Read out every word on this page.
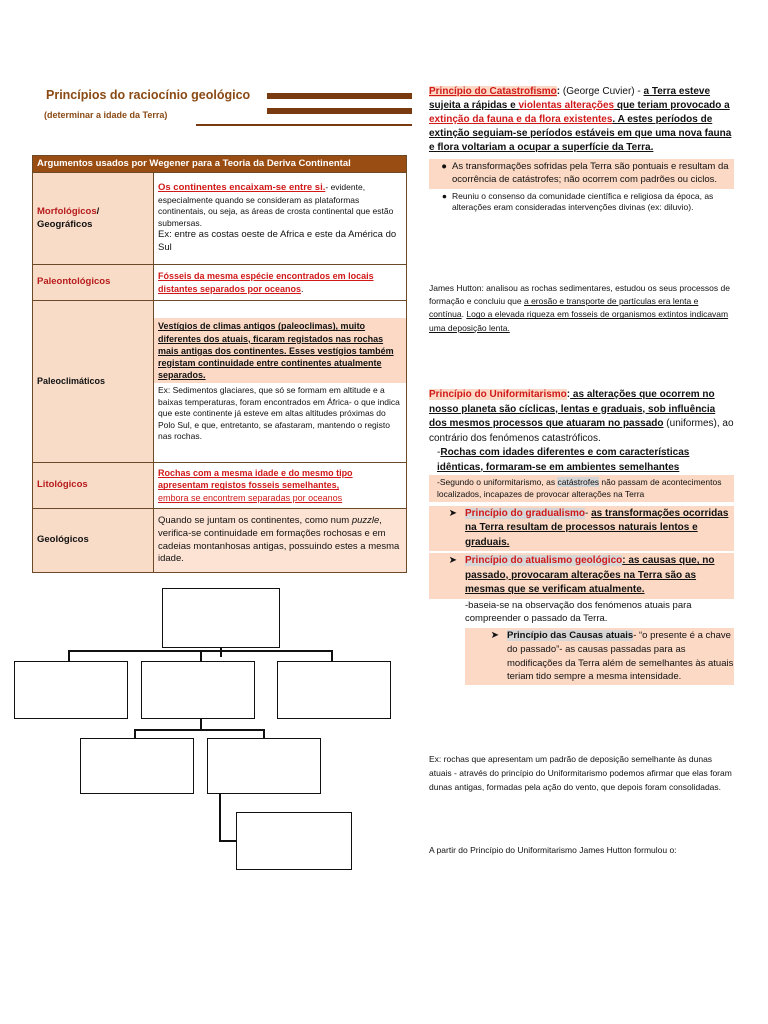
Princípios do raciocínio geológico
(determinar a idade da Terra)
Argumentos usados por Wegener para a Teoria da Deriva Continental	
Morfológicos/
Geográficos	Os continentes encaixam-se entre si.- evidente, especialmente quando se consideram as plataformas continentais, ou seja, as áreas de crosta continental que estão submersas.
Ex: entre as costas oeste de Africa e este da América do Sul
Paleontológicos	Fósseis da mesma espécie encontrados em locais distantes separados por oceanos.
Paleoclimáticos	Vestígios de climas antigos (paleoclimas), muito diferentes dos atuais, ficaram registados nas rochas mais antigas dos continentes. Esses vestígios também registam continuidade entre continentes atualmente separados.
Ex: Sedimentos glaciares, que só se formam em altitude e a baixas temperaturas, foram encontrados em África- o que indica que este continente já esteve em altas altitudes próximas do Polo Sul, e que, entretanto, se afastaram, mantendo o registo nas rochas.

Litológicos	Rochas com a mesma idade e do mesmo tipo apresentam registos fosseis semelhantes,
embora se encontrem separadas por oceanos
Geológicos	Quando se juntam os continentes, como num puzzle, verifica-se continuidade em formações rochosas e em cadeias montanhosas antigas, possuindo estes a mesma idade.

Princípio do Catastrofismo: (George Cuvier) - a Terra esteve sujeita a rápidas e violentas alterações que teriam provocado a extinção da fauna e da flora existentes. A estes períodos de extinção seguiam-se períodos estáveis em que uma nova fauna e flora voltariam a ocupar a superfície da Terra.

● As transformações sofridas pela Terra são pontuais e resultam da ocorrência de catástrofes; não ocorrem com padrões ou ciclos.
● Reuniu o consenso da comunidade científica e religiosa da época, as alterações eram consideradas intervenções divinas (ex: diluvio).
James Hutton: analisou as rochas sedimentares, estudou os seus processos de formação e concluiu que a erosão e transporte de partículas era lenta e contínua. Logo a elevada riqueza em fosseis de organismos extintos indicavam uma deposição lenta.

Princípio do Uniformitarismo: as alterações que ocorrem no nosso planeta são cíclicas, lentas e graduais, sob influência dos mesmos processos que atuaram no passado (uniformes), ao contrário dos fenómenos catastróficos.

-Rochas com idades diferentes e com características idênticas, formaram-se em ambientes semelhantes

-Segundo o uniformitarismo, as catástrofes não passam de acontecimentos localizados, incapazes de provocar alterações na Terra
➤ Princípio do gradualismo- as transformações ocorridas na Terra resultam de processos naturais lentos e graduais.
➤ Princípio do atualismo geológico: as causas que, no passado, provocaram alterações na Terra são as mesmas que se verificam atualmente.
-baseia-se na observação dos fenómenos atuais para compreender o passado da Terra.
➤ Princípio das Causas atuais- “o presente é a chave do passado”- as causas passadas para as modificações da Terra além de semelhantes às atuais teriam tido sempre a mesma intensidade.
Ex: rochas que apresentam um padrão de deposição semelhante às dunas atuais - através do princípio do Uniformitarismo podemos afirmar que elas foram dunas antigas, formadas pela ação do vento, que depois foram consolidadas.
A partir do Princípio do Uniformitarismo James Hutton formulou o:
